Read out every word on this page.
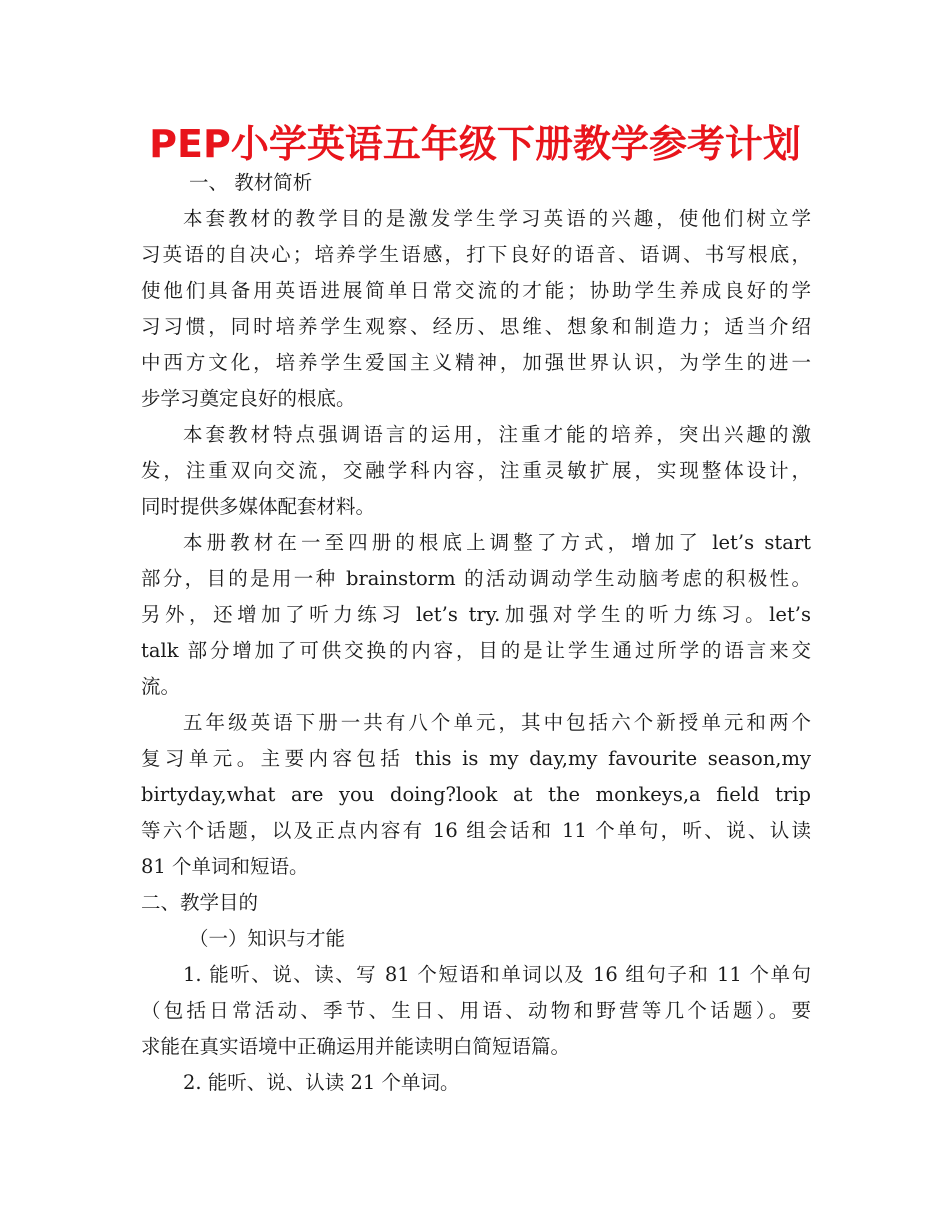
PEP小学英语五年级下册教学参考计划
一、 教材简析
本套教材的教学目的是激发学生学习英语的兴趣，使他们树立学
习英语的自决心；培养学生语感，打下良好的语音、语调、书写根底，
使他们具备用英语进展简单日常交流的才能；协助学生养成良好的学
习习惯，同时培养学生观察、经历、思维、想象和制造力；适当介绍
中西方文化，培养学生爱国主义精神，加强世界认识，为学生的进一
步学习奠定良好的根底。
本套教材特点强调语言的运用，注重才能的培养，突出兴趣的激
发，注重双向交流，交融学科内容，注重灵敏扩展，实现整体设计，
同时提供多媒体配套材料。
本册教材在一至四册的根底上调整了方式，增加了 let’s start
部分，目的是用一种 brainstorm 的活动调动学生动脑考虑的积极性。
另外，还增加了听力练习 let’s try.加强对学生的听力练习。let’s
talk 部分增加了可供交换的内容，目的是让学生通过所学的语言来交
流。
五年级英语下册一共有八个单元，其中包括六个新授单元和两个
复习单元。主要内容包括 this is my day,my favourite season,my
birtyday,what are you doing?look at the monkeys,a field trip
等六个话题，以及正点内容有 16 组会话和 11 个单句，听、说、认读
81 个单词和短语。
二、教学目的
（一）知识与才能
1. 能听、说、读、写 81 个短语和单词以及 16 组句子和 11 个单句
（包括日常活动、季节、生日、用语、动物和野营等几个话题）。要
求能在真实语境中正确运用并能读明白简短语篇。
2. 能听、说、认读 21 个单词。
